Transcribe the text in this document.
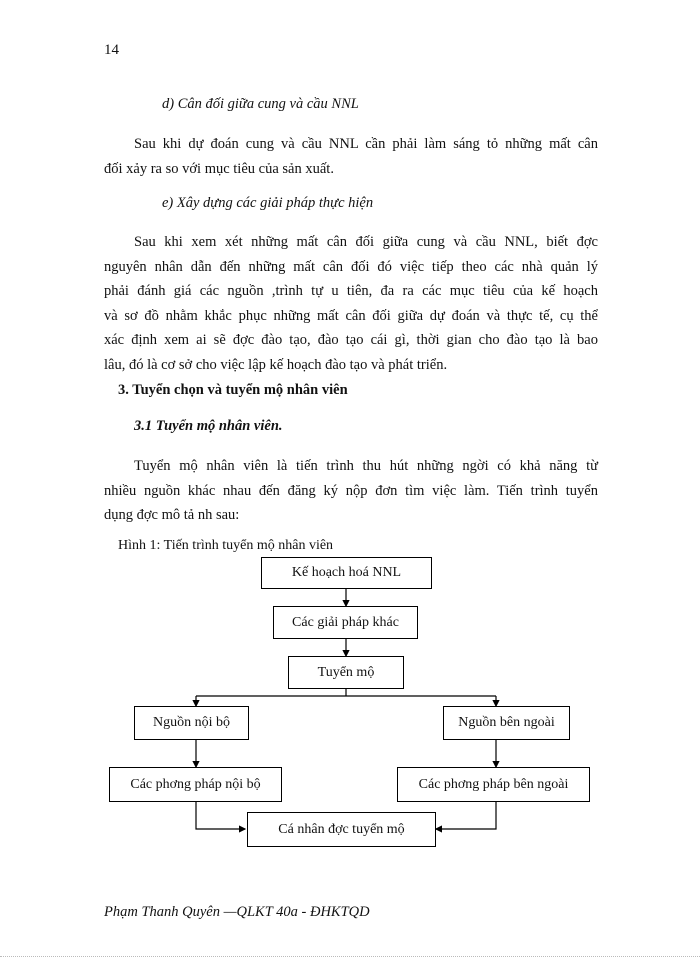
14
d) Cân đối giữa cung và cầu NNL
Sau khi dự đoán cung và cầu NNL cần phải làm sáng tỏ những mất cân
đối xảy ra so với mục tiêu của sản xuất.
e) Xây dựng các giải pháp thực hiện
Sau khi xem xét những mất cân đối giữa cung và cầu NNL, biết đợc
nguyên nhân dẫn đến những mất cân đối đó việc tiếp theo các nhà quản lý
phải đánh giá các nguồn ,trình tự u tiên, đa ra các mục tiêu của kế hoạch
và sơ đồ nhằm khắc phục những mất cân đối giữa dự đoán và thực tế, cụ thể
xác định xem ai sẽ đợc đào tạo, đào tạo cái gì, thời gian cho đào tạo là bao
lâu, đó là cơ sở cho việc lập kế hoạch đào tạo và phát triển.
3. Tuyển chọn và tuyển mộ nhân viên
3.1 Tuyển mộ nhân viên.
Tuyển mộ nhân viên là tiến trình thu hút những ngời có khả năng từ
nhiều nguồn khác nhau đến đăng ký nộp đơn tìm việc làm. Tiến trình tuyển
dụng đợc mô tả nh sau:
Hình 1: Tiến trình tuyển mộ nhân viên
Kế hoạch hoá NNL
Các giải pháp khác
Tuyển mộ
Nguồn nội bộ	Nguồn bên ngoài
Các phơng pháp nội bộ	Các phơng pháp bên ngoài
Cá nhân đợc tuyển mộ
Phạm Thanh Quyên —QLKT 40a - ĐHKTQD
